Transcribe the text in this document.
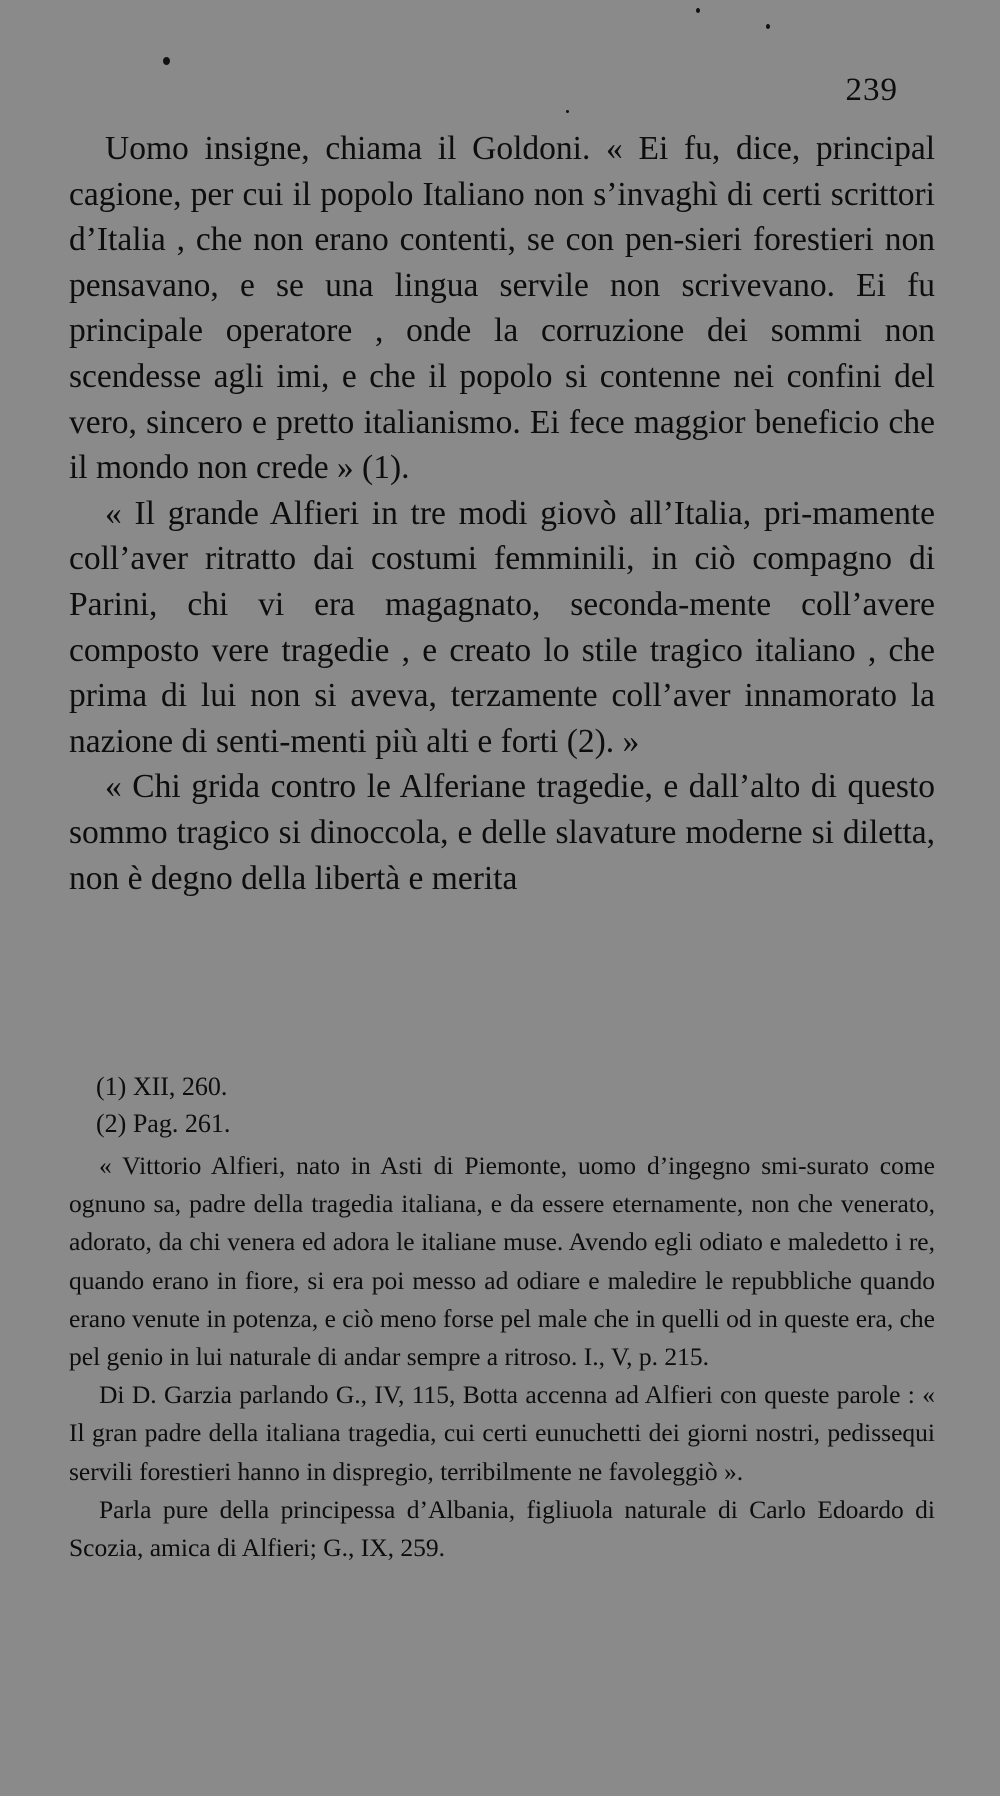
239

Uomo insigne, chiama il Goldoni. « Ei fu, dice, principal cagione, per cui il popolo Italiano non s’invaghì di certi scrittori d’Italia , che non erano contenti, se con pen-sieri forestieri non pensavano, e se una lingua servile non scrivevano. Ei fu principale operatore , onde la corruzione dei sommi non scendesse agli imi, e che il popolo si contenne nei confini del vero, sincero e pretto italianismo. Ei fece maggior beneficio che il mondo non crede » (1).

« Il grande Alfieri in tre modi giovò all’Italia, pri-mamente coll’aver ritratto dai costumi femminili, in ciò compagno di Parini, chi vi era magagnato, seconda-mente coll’avere composto vere tragedie , e creato lo stile tragico italiano , che prima di lui non si aveva, terzamente coll’aver innamorato la nazione di senti-menti più alti e forti (2). »

« Chi grida contro le Alferiane tragedie, e dall’alto di questo sommo tragico si dinoccola, e delle slavature moderne si diletta, non è degno della libertà e merita

(1) XII, 260.
(2) Pag. 261.

« Vittorio Alfieri, nato in Asti di Piemonte, uomo d’ingegno smi-surato come ognuno sa, padre della tragedia italiana, e da essere eternamente, non che venerato, adorato, da chi venera ed adora le italiane muse. Avendo egli odiato e maledetto i re, quando erano in fiore, si era poi messo ad odiare e maledire le repubbliche quando erano venute in potenza, e ciò meno forse pel male che in quelli od in queste era, che pel genio in lui naturale di andar sempre a ritroso. I., V, p. 215.

Di D. Garzia parlando G., IV, 115, Botta accenna ad Alfieri con queste parole : « Il gran padre della italiana tragedia, cui certi eunuchetti dei giorni nostri, pedissequi servili forestieri hanno in dispregio, terribilmente ne favoleggiò ».

Parla pure della principessa d’Albania, figliuola naturale di Carlo Edoardo di Scozia, amica di Alfieri; G., IX, 259.
